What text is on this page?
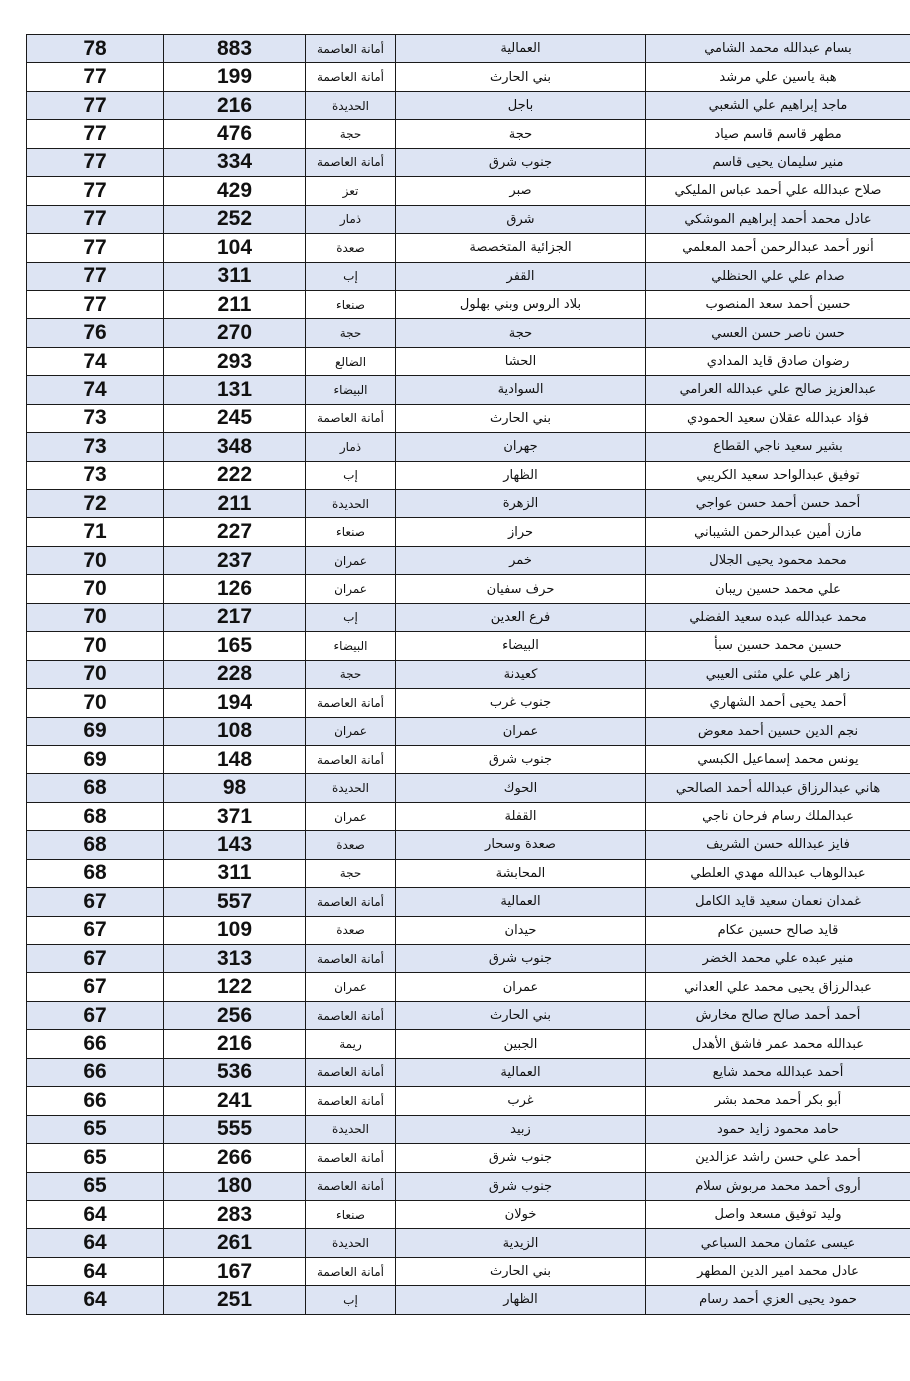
78	883	أمانة العاصمة	العمالية	بسام عبدالله محمد الشامي
77	199	أمانة العاصمة	بني الحارث	هبة ياسين علي مرشد
77	216	الحديدة	باجل	ماجد إبراهيم علي الشعبي
77	476	حجة	حجة	مطهر قاسم قاسم صياد
77	334	أمانة العاصمة	جنوب شرق	منير سليمان يحيى قاسم
77	429	تعز	صبر	صلاح عبدالله علي أحمد عباس المليكي
77	252	ذمار	شرق	عادل محمد أحمد إبراهيم الموشكي
77	104	صعدة	الجزائية المتخصصة	أنور أحمد عبدالرحمن أحمد المعلمي
77	311	إب	القفر	صدام علي علي الحنظلي
77	211	صنعاء	بلاد الروس وبني بهلول	حسين أحمد سعد المنصوب
76	270	حجة	حجة	حسن ناصر حسن العسي
74	293	الضالع	الحشا	رضوان صادق قايد المدادي
74	131	البيضاء	السوادية	عبدالعزيز صالح علي عبدالله العرامي
73	245	أمانة العاصمة	بني الحارث	فؤاد عبدالله عقلان سعيد الحمودي
73	348	ذمار	جهران	بشير سعيد ناجي القطاع
73	222	إب	الظهار	توفيق عبدالواحد سعيد الكريبي
72	211	الحديدة	الزهرة	أحمد حسن أحمد حسن عواجي
71	227	صنعاء	حراز	مازن أمين عبدالرحمن الشيباني
70	237	عمران	خمر	محمد محمود يحيى الجلال
70	126	عمران	حرف سفيان	علي محمد حسين ريبان
70	217	إب	فرع العدين	محمد عبدالله عبده سعيد الفضلي
70	165	البيضاء	البيضاء	حسين محمد حسين سبأ
70	228	حجة	كعيدنة	زاهر علي علي مثنى العيبي
70	194	أمانة العاصمة	جنوب غرب	أحمد يحيى أحمد الشهاري
69	108	عمران	عمران	نجم الدين حسين أحمد معوض
69	148	أمانة العاصمة	جنوب شرق	يونس محمد إسماعيل الكبسي
68	98	الحديدة	الحوك	هاني عبدالرزاق عبدالله أحمد الصالحي
68	371	عمران	القفلة	عبدالملك رسام فرحان ناجي
68	143	صعدة	صعدة وسحار	فايز عبدالله حسن الشريف
68	311	حجة	المحابشة	عبدالوهاب عبدالله مهدي العلطي
67	557	أمانة العاصمة	العمالية	غمدان نعمان سعيد قايد الكامل
67	109	صعدة	حيدان	قايد صالح حسين عكام
67	313	أمانة العاصمة	جنوب شرق	منير عبده علي محمد الخضر
67	122	عمران	عمران	عبدالرزاق يحيى محمد علي العداني
67	256	أمانة العاصمة	بني الحارث	أحمد أحمد صالح صالح مخارش
66	216	ريمة	الجبين	عبدالله محمد عمر فاشق الأهدل
66	536	أمانة العاصمة	العمالية	أحمد عبدالله محمد شايع
66	241	أمانة العاصمة	غرب	أبو بكر أحمد محمد بشر
65	555	الحديدة	زبيد	حامد محمود زايد حمود
65	266	أمانة العاصمة	جنوب شرق	أحمد علي حسن راشد عزالدين
65	180	أمانة العاصمة	جنوب شرق	أروى أحمد محمد مربوش سلام
64	283	صنعاء	خولان	وليد توفيق مسعد واصل
64	261	الحديدة	الزيدية	عيسى عثمان محمد السباعي
64	167	أمانة العاصمة	بني الحارث	عادل محمد امير الدين المطهر
64	251	إب	الظهار	حمود يحيى العزي أحمد رسام
